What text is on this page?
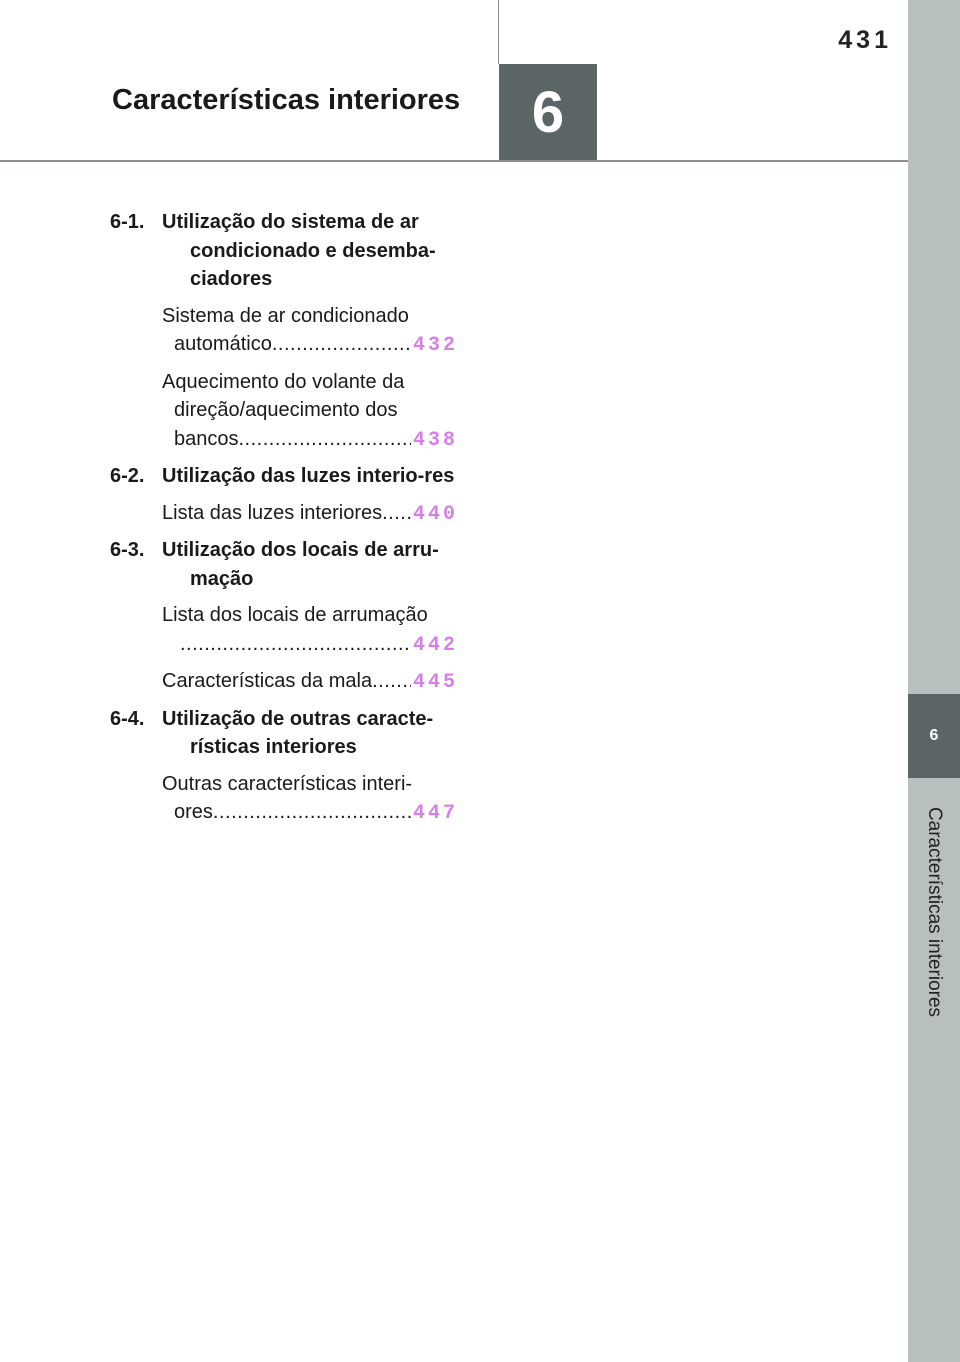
431
Características interiores	6
6
Características interiores
6-1. Utilização do sistema de ar condicionado e desemba-ciadores
Sistema de ar condicionado
automático .....	432
Aquecimento do volante da
direção/aquecimento dos
bancos .....	438
6-2. Utilização das luzes interio-res
Lista das luzes interiores ..... 440
6-3. Utilização dos locais de arru-mação
Lista dos locais de arrumação
.....
442
Características da mala ..... 445
6-4. Utilização de outras caracte-rísticas interiores
Outras características interi-
ores .....	447
